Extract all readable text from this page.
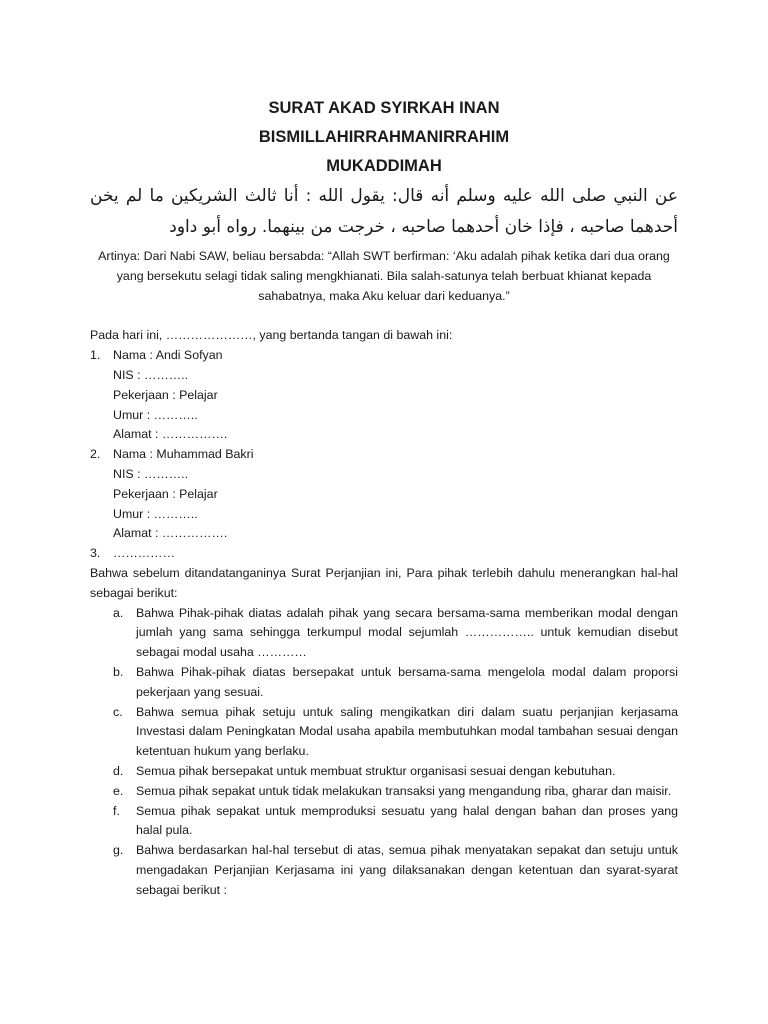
SURAT AKAD SYIRKAH INAN
BISMILLAHIRRAHMANIRRAHIM
MUKADDIMAH

عن النبي صلى الله عليه وسلم أنه قال: يقول الله : أنا ثالث الشريكين ما لم يخن أحدهما صاحبه ، فإذا خان أحدهما صاحبه ، خرجت من بينهما. رواه أبو داود

Artinya: Dari Nabi SAW, beliau bersabda: “Allah SWT berfirman: ‘Aku adalah pihak ketika dari dua orang yang bersekutu selagi tidak saling mengkhianati. Bila salah-satunya telah berbuat khianat kepada sahabatnya, maka Aku keluar dari keduanya.”

Pada hari ini, …………………, yang bertanda tangan di bawah ini:

1. Nama : Andi Sofyan
NIS : ………..
Pekerjaan : Pelajar
Umur : ………..
Alamat : …………….
2. Nama : Muhammad Bakri
NIS : ………..
Pekerjaan : Pelajar
Umur : ………..
Alamat : …………….
3. ……………

Bahwa sebelum ditandatanganinya Surat Perjanjian ini, Para pihak terlebih dahulu menerangkan hal-hal sebagai berikut:

a. Bahwa Pihak-pihak diatas adalah pihak yang secara bersama-sama memberikan modal dengan jumlah yang sama sehingga terkumpul modal sejumlah …………….. untuk kemudian disebut sebagai modal usaha …………
b. Bahwa Pihak-pihak diatas bersepakat untuk bersama-sama mengelola modal dalam proporsi pekerjaan yang sesuai.
c. Bahwa semua pihak setuju untuk saling mengikatkan diri dalam suatu perjanjian kerjasama Investasi dalam Peningkatan Modal usaha apabila membutuhkan modal tambahan sesuai dengan ketentuan hukum yang berlaku.
d. Semua pihak bersepakat untuk membuat struktur organisasi sesuai dengan kebutuhan.
e. Semua pihak sepakat untuk tidak melakukan transaksi yang mengandung riba, gharar dan maisir.
f. Semua pihak sepakat untuk memproduksi sesuatu yang halal dengan bahan dan proses yang halal pula.
g. Bahwa berdasarkan hal-hal tersebut di atas, semua pihak menyatakan sepakat dan setuju untuk mengadakan Perjanjian Kerjasama ini yang dilaksanakan dengan ketentuan dan syarat-syarat sebagai berikut :
